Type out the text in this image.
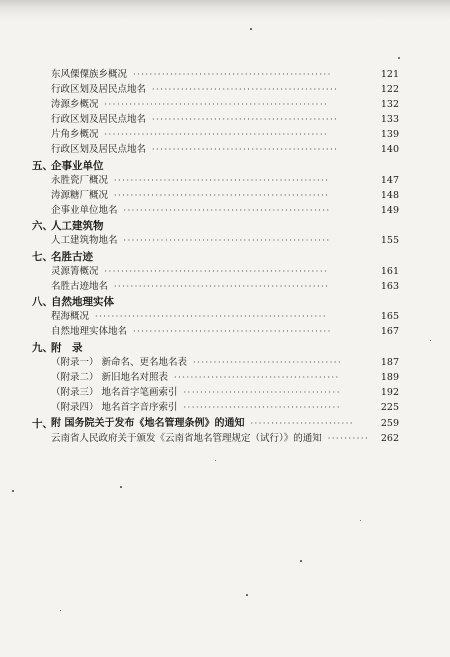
东风傈僳族乡概况 ················································	121
行政区划及居民点地名 ·············································	122
涛源乡概况 ······················································	132
行政区划及居民点地名 ·············································	133
片角乡概况 ······················································	139
行政区划及居民点地名 ·············································	140
五、
企事业单位
永胜瓷厂概况 ····················································	147
涛源糖厂概况 ····················································	148
企事业单位地名 ··················································	149
六、
人工建筑物
人工建筑物地名 ··················································	155
七、
名胜古迹
灵源箐概况 ······················································	161
名胜古迹地名 ····················································	163
八、
自然地理实体
程海概况 ························································	165
自然地理实体地名 ················································	167
九、
附　录
（附录一） 新命名、更名地名表 ····································	187
（附录二） 新旧地名对照表 ········································	189
（附录三） 地名首字笔画索引 ······································	192
（附录四） 地名首字音序索引 ······································	225
十、
附 国务院关于发布《地名管理条例》的通知 ·························	259
云南省人民政府关于颁发《云南省地名管理规定（试行）》的通知 ··········	262
